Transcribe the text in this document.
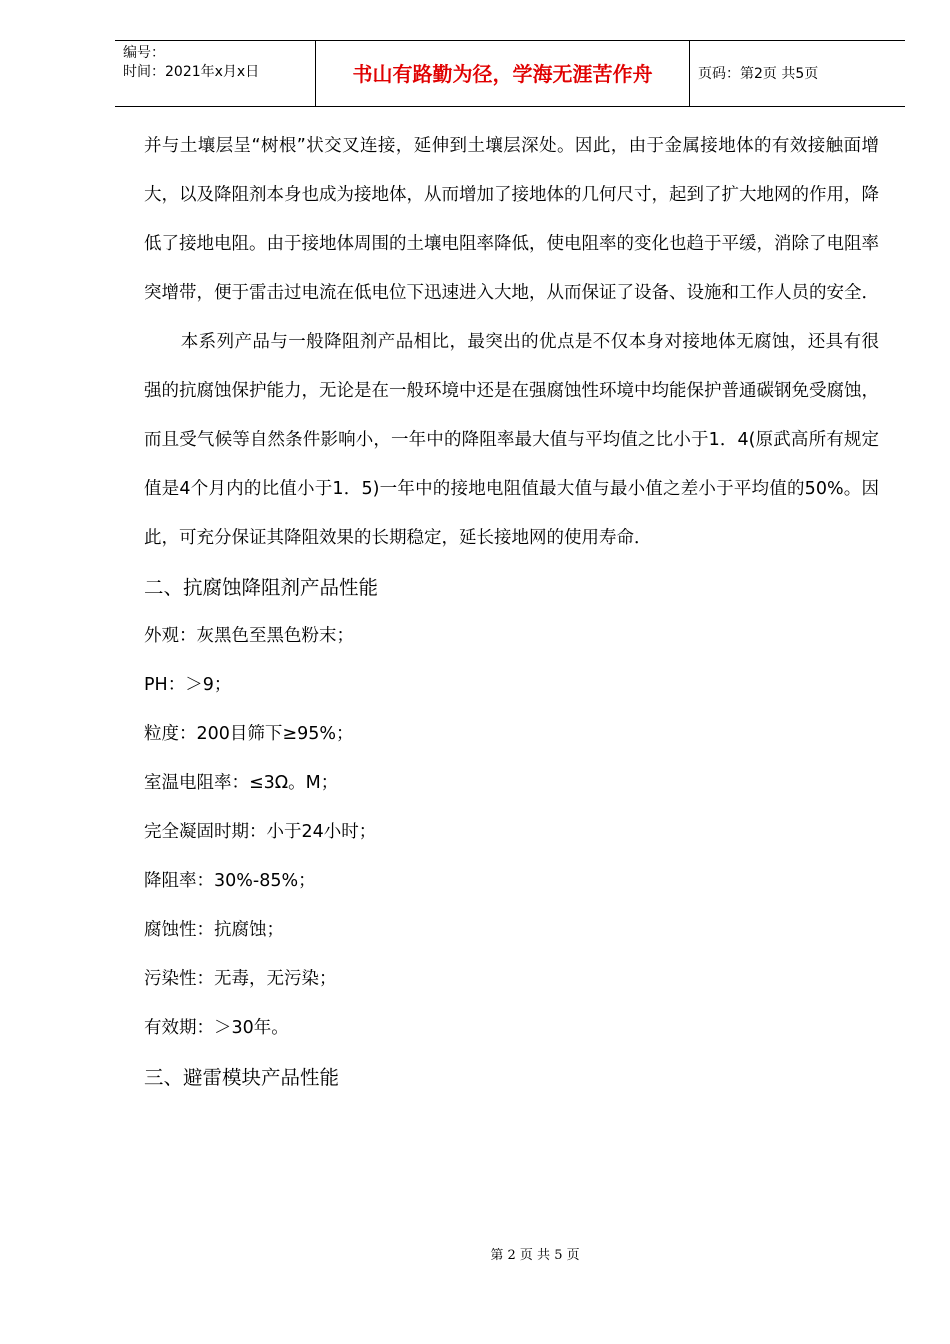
编号：
时间：2021年x月x日	书山有路勤为径，学海无涯苦作舟	页码：第2页 共5页

并与土壤层呈“树根”状交叉连接，延伸到土壤层深处。因此，由于金属接地体的有效接触面增大，以及降阻剂本身也成为接地体，从而增加了接地体的几何尺寸，起到了扩大地网的作用，降低了接地电阻。由于接地体周围的土壤电阻率降低，使电阻率的变化也趋于平缓，消除了电阻率突增带，便于雷击过电流在低电位下迅速进入大地，从而保证了设备、设施和工作人员的安全．

本系列产品与一般降阻剂产品相比，最突出的优点是不仅本身对接地体无腐蚀，还具有很强的抗腐蚀保护能力，无论是在一般环境中还是在强腐蚀性环境中均能保护普通碳钢免受腐蚀，而且受气候等自然条件影响小，一年中的降阻率最大值与平均值之比小于1．4(原武高所有规定值是4个月内的比值小于1．5)一年中的接地电阻值最大值与最小值之差小于平均值的50%。因此，可充分保证其降阻效果的长期稳定，延长接地网的使用寿命．

二、抗腐蚀降阻剂产品性能

外观：灰黑色至黑色粉末；

PH：＞9；

粒度：200目筛下≥95%；

室温电阻率：≤3Ω。M；

完全凝固时期：小于24小时；

降阻率：30%-85%；

腐蚀性：抗腐蚀；

污染性：无毒，无污染；

有效期：＞30年。

三、避雷模块产品性能

第 2 页 共 5 页
